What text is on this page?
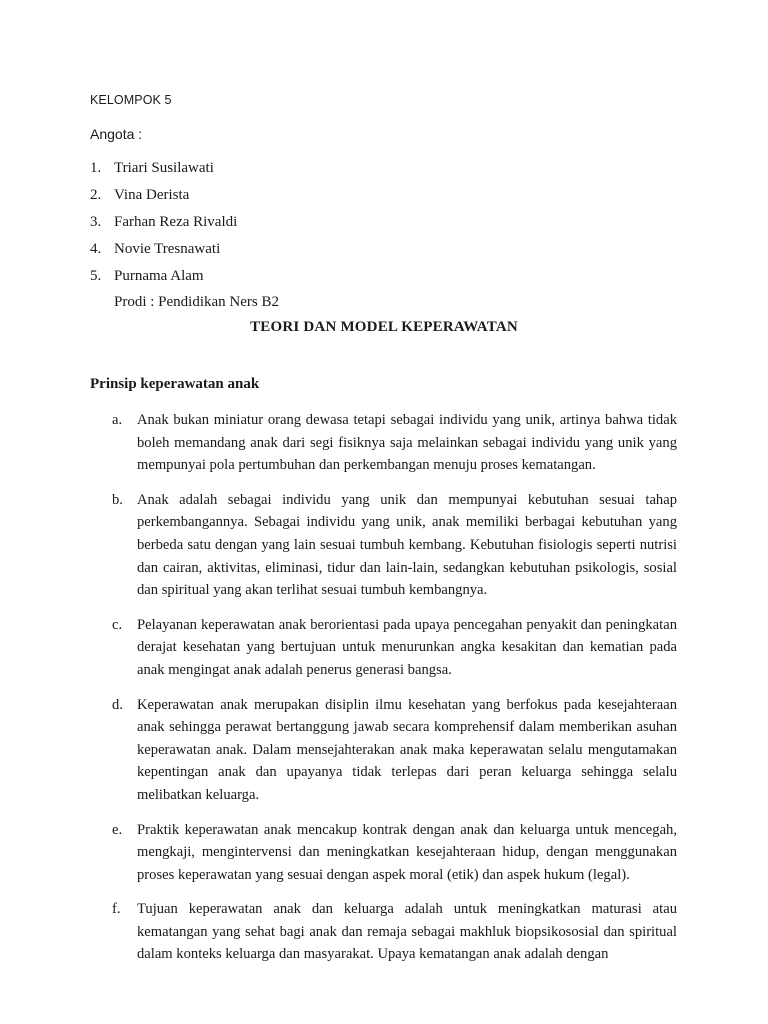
KELOMPOK 5
Angota :
1. Triari Susilawati
2. Vina Derista
3. Farhan Reza Rivaldi
4. Novie Tresnawati
5. Purnama Alam
Prodi : Pendidikan Ners B2
TEORI DAN MODEL KEPERAWATAN
Prinsip keperawatan anak
a.	Anak bukan miniatur orang dewasa tetapi sebagai individu yang unik, artinya bahwa tidak boleh memandang anak dari segi fisiknya saja melainkan sebagai individu yang unik yang mempunyai pola pertumbuhan dan perkembangan menuju proses kematangan.
b. Anak adalah sebagai individu yang unik dan mempunyai kebutuhan sesuai tahap perkembangannya. Sebagai individu yang unik, anak memiliki berbagai kebutuhan yang berbeda satu dengan yang lain sesuai tumbuh kembang. Kebutuhan fisiologis seperti nutrisi dan cairan, aktivitas, eliminasi, tidur dan lain-lain, sedangkan kebutuhan psikologis, sosial dan spiritual yang akan terlihat sesuai tumbuh kembangnya.
c.	Pelayanan keperawatan anak berorientasi pada upaya pencegahan penyakit dan peningkatan derajat kesehatan yang bertujuan untuk menurunkan angka kesakitan dan kematian pada anak mengingat anak adalah penerus generasi bangsa.
d. Keperawatan anak merupakan disiplin ilmu kesehatan yang berfokus pada kesejahteraan anak sehingga perawat bertanggung jawab secara komprehensif dalam memberikan asuhan keperawatan anak. Dalam mensejahterakan anak maka keperawatan selalu mengutamakan kepentingan anak dan upayanya tidak terlepas dari peran keluarga sehingga selalu melibatkan keluarga.
e.	Praktik keperawatan anak mencakup kontrak dengan anak dan keluarga untuk mencegah, mengkaji, mengintervensi dan meningkatkan kesejahteraan hidup, dengan menggunakan proses keperawatan yang sesuai dengan aspek moral (etik) dan aspek hukum (legal).
f.	Tujuan keperawatan anak dan keluarga adalah untuk meningkatkan maturasi atau kematangan yang sehat bagi anak dan remaja sebagai makhluk biopsikososial dan spiritual dalam konteks keluarga dan masyarakat. Upaya kematangan anak adalah dengan
